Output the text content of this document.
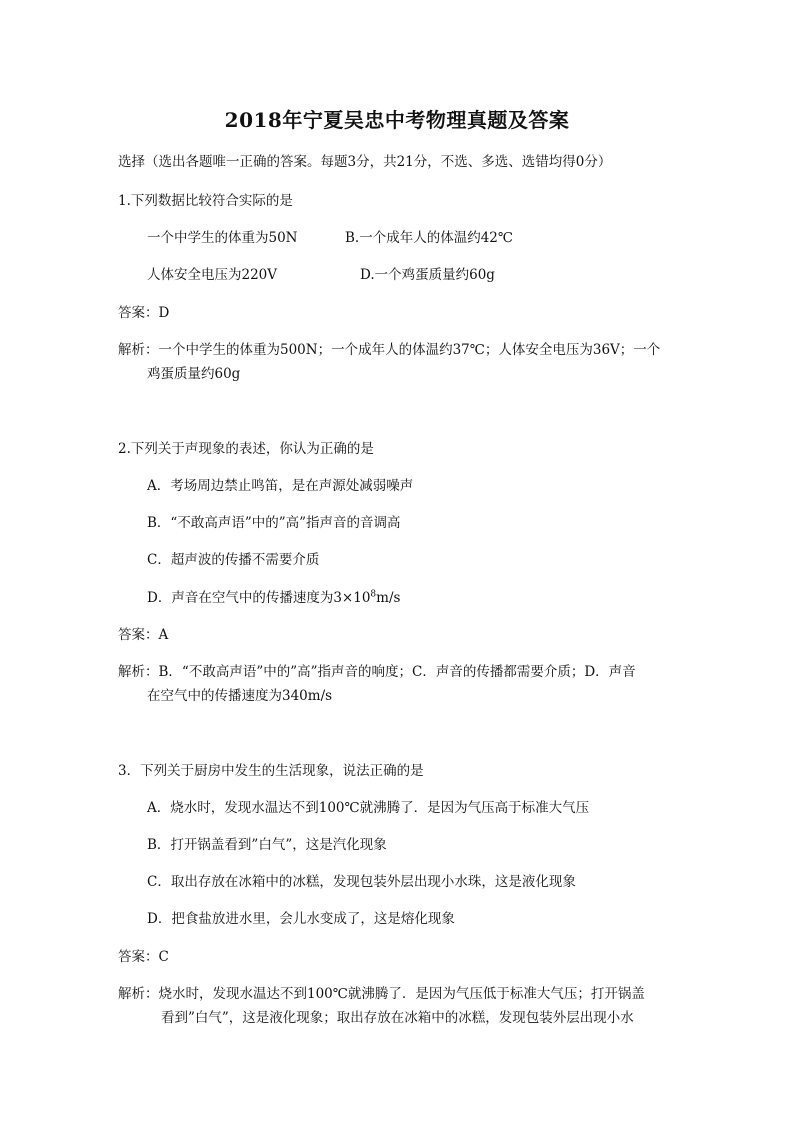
2018年宁夏吴忠中考物理真题及答案
选择（选出各题唯一正确的答案。每题3分，共21分，不选、多选、选错均得0分）
1.下列数据比较符合实际的是
一个中学生的体重为50N	B.一个成年人的体温约42℃
人体安全电压为220V	D.一个鸡蛋质量约60g
答案：D
解析：一个中学生的体重为500N；一个成年人的体温约37℃；人体安全电压为36V；一个
鸡蛋质量约60g
2.下列关于声现象的表述，你认为正确的是
A．考场周边禁止鸣笛，是在声源处减弱噪声
B．“不敢高声语”中的”高”指声音的音调高
C．超声波的传播不需要介质
D．声音在空气中的传播速度为$3\times 10^8m/s$
答案：A
解析：B．“不敢高声语”中的”高”指声音的响度；C．声音的传播都需要介质；D．声音
在空气中的传播速度为340m/s
3．下列关于厨房中发生的生活现象，说法正确的是
A．烧水时，发现水温达不到100℃就沸腾了．是因为气压高于标准大气压
B．打开锅盖看到”白气”，这是汽化现象
C．取出存放在冰箱中的冰糕，发现包装外层出现小水珠，这是液化现象
D．把食盐放进水里，会儿水变成了，这是熔化现象
答案：C
解析：烧水时，发现水温达不到100℃就沸腾了．是因为气压低于标准大气压；打开锅盖
看到”白气”，这是液化现象；取出存放在冰箱中的冰糕，发现包装外层出现小水
